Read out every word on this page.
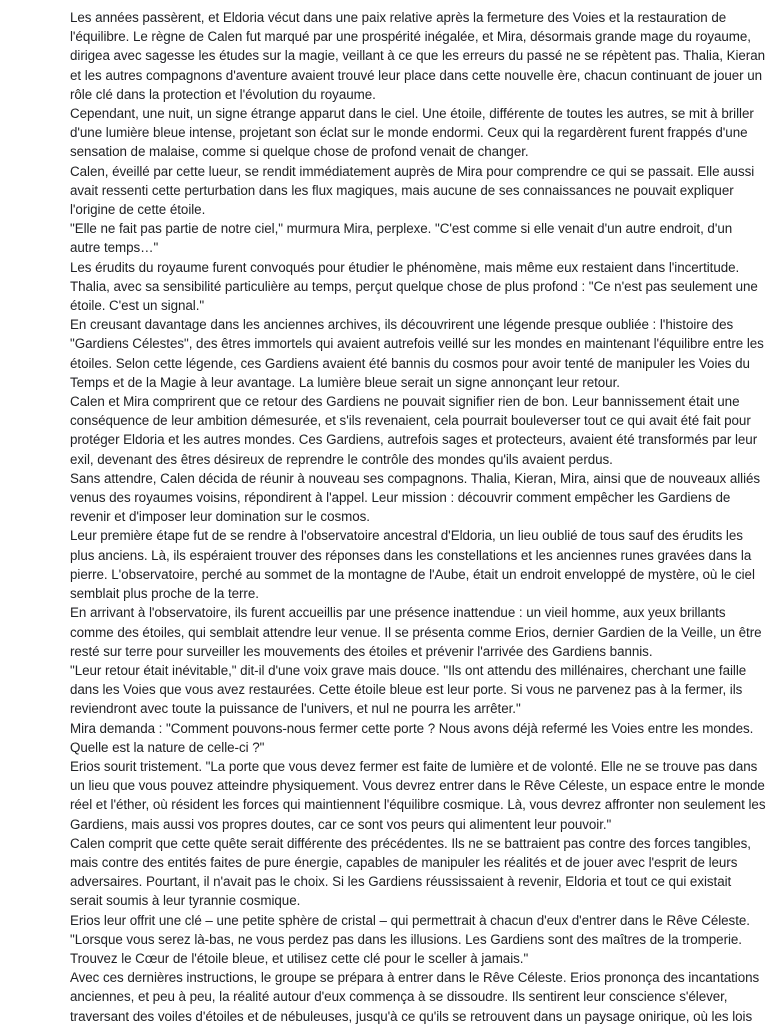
Les années passèrent, et Eldoria vécut dans une paix relative après la fermeture des Voies et la restauration de l'équilibre. Le règne de Calen fut marqué par une prospérité inégalée, et Mira, désormais grande mage du royaume, dirigea avec sagesse les études sur la magie, veillant à ce que les erreurs du passé ne se répètent pas. Thalia, Kieran et les autres compagnons d'aventure avaient trouvé leur place dans cette nouvelle ère, chacun continuant de jouer un rôle clé dans la protection et l'évolution du royaume.

Cependant, une nuit, un signe étrange apparut dans le ciel. Une étoile, différente de toutes les autres, se mit à briller d'une lumière bleue intense, projetant son éclat sur le monde endormi. Ceux qui la regardèrent furent frappés d'une sensation de malaise, comme si quelque chose de profond venait de changer.

Calen, éveillé par cette lueur, se rendit immédiatement auprès de Mira pour comprendre ce qui se passait. Elle aussi avait ressenti cette perturbation dans les flux magiques, mais aucune de ses connaissances ne pouvait expliquer l'origine de cette étoile.

"Elle ne fait pas partie de notre ciel," murmura Mira, perplexe. "C'est comme si elle venait d'un autre endroit, d'un autre temps…"

Les érudits du royaume furent convoqués pour étudier le phénomène, mais même eux restaient dans l'incertitude. Thalia, avec sa sensibilité particulière au temps, perçut quelque chose de plus profond : "Ce n'est pas seulement une étoile. C'est un signal."

En creusant davantage dans les anciennes archives, ils découvrirent une légende presque oubliée : l'histoire des "Gardiens Célestes", des êtres immortels qui avaient autrefois veillé sur les mondes en maintenant l'équilibre entre les étoiles. Selon cette légende, ces Gardiens avaient été bannis du cosmos pour avoir tenté de manipuler les Voies du Temps et de la Magie à leur avantage. La lumière bleue serait un signe annonçant leur retour.

Calen et Mira comprirent que ce retour des Gardiens ne pouvait signifier rien de bon. Leur bannissement était une conséquence de leur ambition démesurée, et s'ils revenaient, cela pourrait bouleverser tout ce qui avait été fait pour protéger Eldoria et les autres mondes. Ces Gardiens, autrefois sages et protecteurs, avaient été transformés par leur exil, devenant des êtres désireux de reprendre le contrôle des mondes qu'ils avaient perdus.

Sans attendre, Calen décida de réunir à nouveau ses compagnons. Thalia, Kieran, Mira, ainsi que de nouveaux alliés venus des royaumes voisins, répondirent à l'appel. Leur mission : découvrir comment empêcher les Gardiens de revenir et d'imposer leur domination sur le cosmos.

Leur première étape fut de se rendre à l'observatoire ancestral d'Eldoria, un lieu oublié de tous sauf des érudits les plus anciens. Là, ils espéraient trouver des réponses dans les constellations et les anciennes runes gravées dans la pierre. L'observatoire, perché au sommet de la montagne de l'Aube, était un endroit enveloppé de mystère, où le ciel semblait plus proche de la terre.

En arrivant à l'observatoire, ils furent accueillis par une présence inattendue : un vieil homme, aux yeux brillants comme des étoiles, qui semblait attendre leur venue. Il se présenta comme Erios, dernier Gardien de la Veille, un être resté sur terre pour surveiller les mouvements des étoiles et prévenir l'arrivée des Gardiens bannis.

"Leur retour était inévitable," dit-il d'une voix grave mais douce. "Ils ont attendu des millénaires, cherchant une faille dans les Voies que vous avez restaurées. Cette étoile bleue est leur porte. Si vous ne parvenez pas à la fermer, ils reviendront avec toute la puissance de l'univers, et nul ne pourra les arrêter."

Mira demanda : "Comment pouvons-nous fermer cette porte ? Nous avons déjà refermé les Voies entre les mondes. Quelle est la nature de celle-ci ?"

Erios sourit tristement. "La porte que vous devez fermer est faite de lumière et de volonté. Elle ne se trouve pas dans un lieu que vous pouvez atteindre physiquement. Vous devrez entrer dans le Rêve Céleste, un espace entre le monde réel et l'éther, où résident les forces qui maintiennent l'équilibre cosmique. Là, vous devrez affronter non seulement les Gardiens, mais aussi vos propres doutes, car ce sont vos peurs qui alimentent leur pouvoir."

Calen comprit que cette quête serait différente des précédentes. Ils ne se battraient pas contre des forces tangibles, mais contre des entités faites de pure énergie, capables de manipuler les réalités et de jouer avec l'esprit de leurs adversaires. Pourtant, il n'avait pas le choix. Si les Gardiens réussissaient à revenir, Eldoria et tout ce qui existait serait soumis à leur tyrannie cosmique.

Erios leur offrit une clé – une petite sphère de cristal – qui permettrait à chacun d'eux d'entrer dans le Rêve Céleste. "Lorsque vous serez là-bas, ne vous perdez pas dans les illusions. Les Gardiens sont des maîtres de la tromperie. Trouvez le Cœur de l'étoile bleue, et utilisez cette clé pour le sceller à jamais."

Avec ces dernières instructions, le groupe se prépara à entrer dans le Rêve Céleste. Erios prononça des incantations anciennes, et peu à peu, la réalité autour d'eux commença à se dissoudre. Ils sentirent leur conscience s'élever, traversant des voiles d'étoiles et de nébuleuses, jusqu'à ce qu'ils se retrouvent dans un paysage onirique, où les lois
